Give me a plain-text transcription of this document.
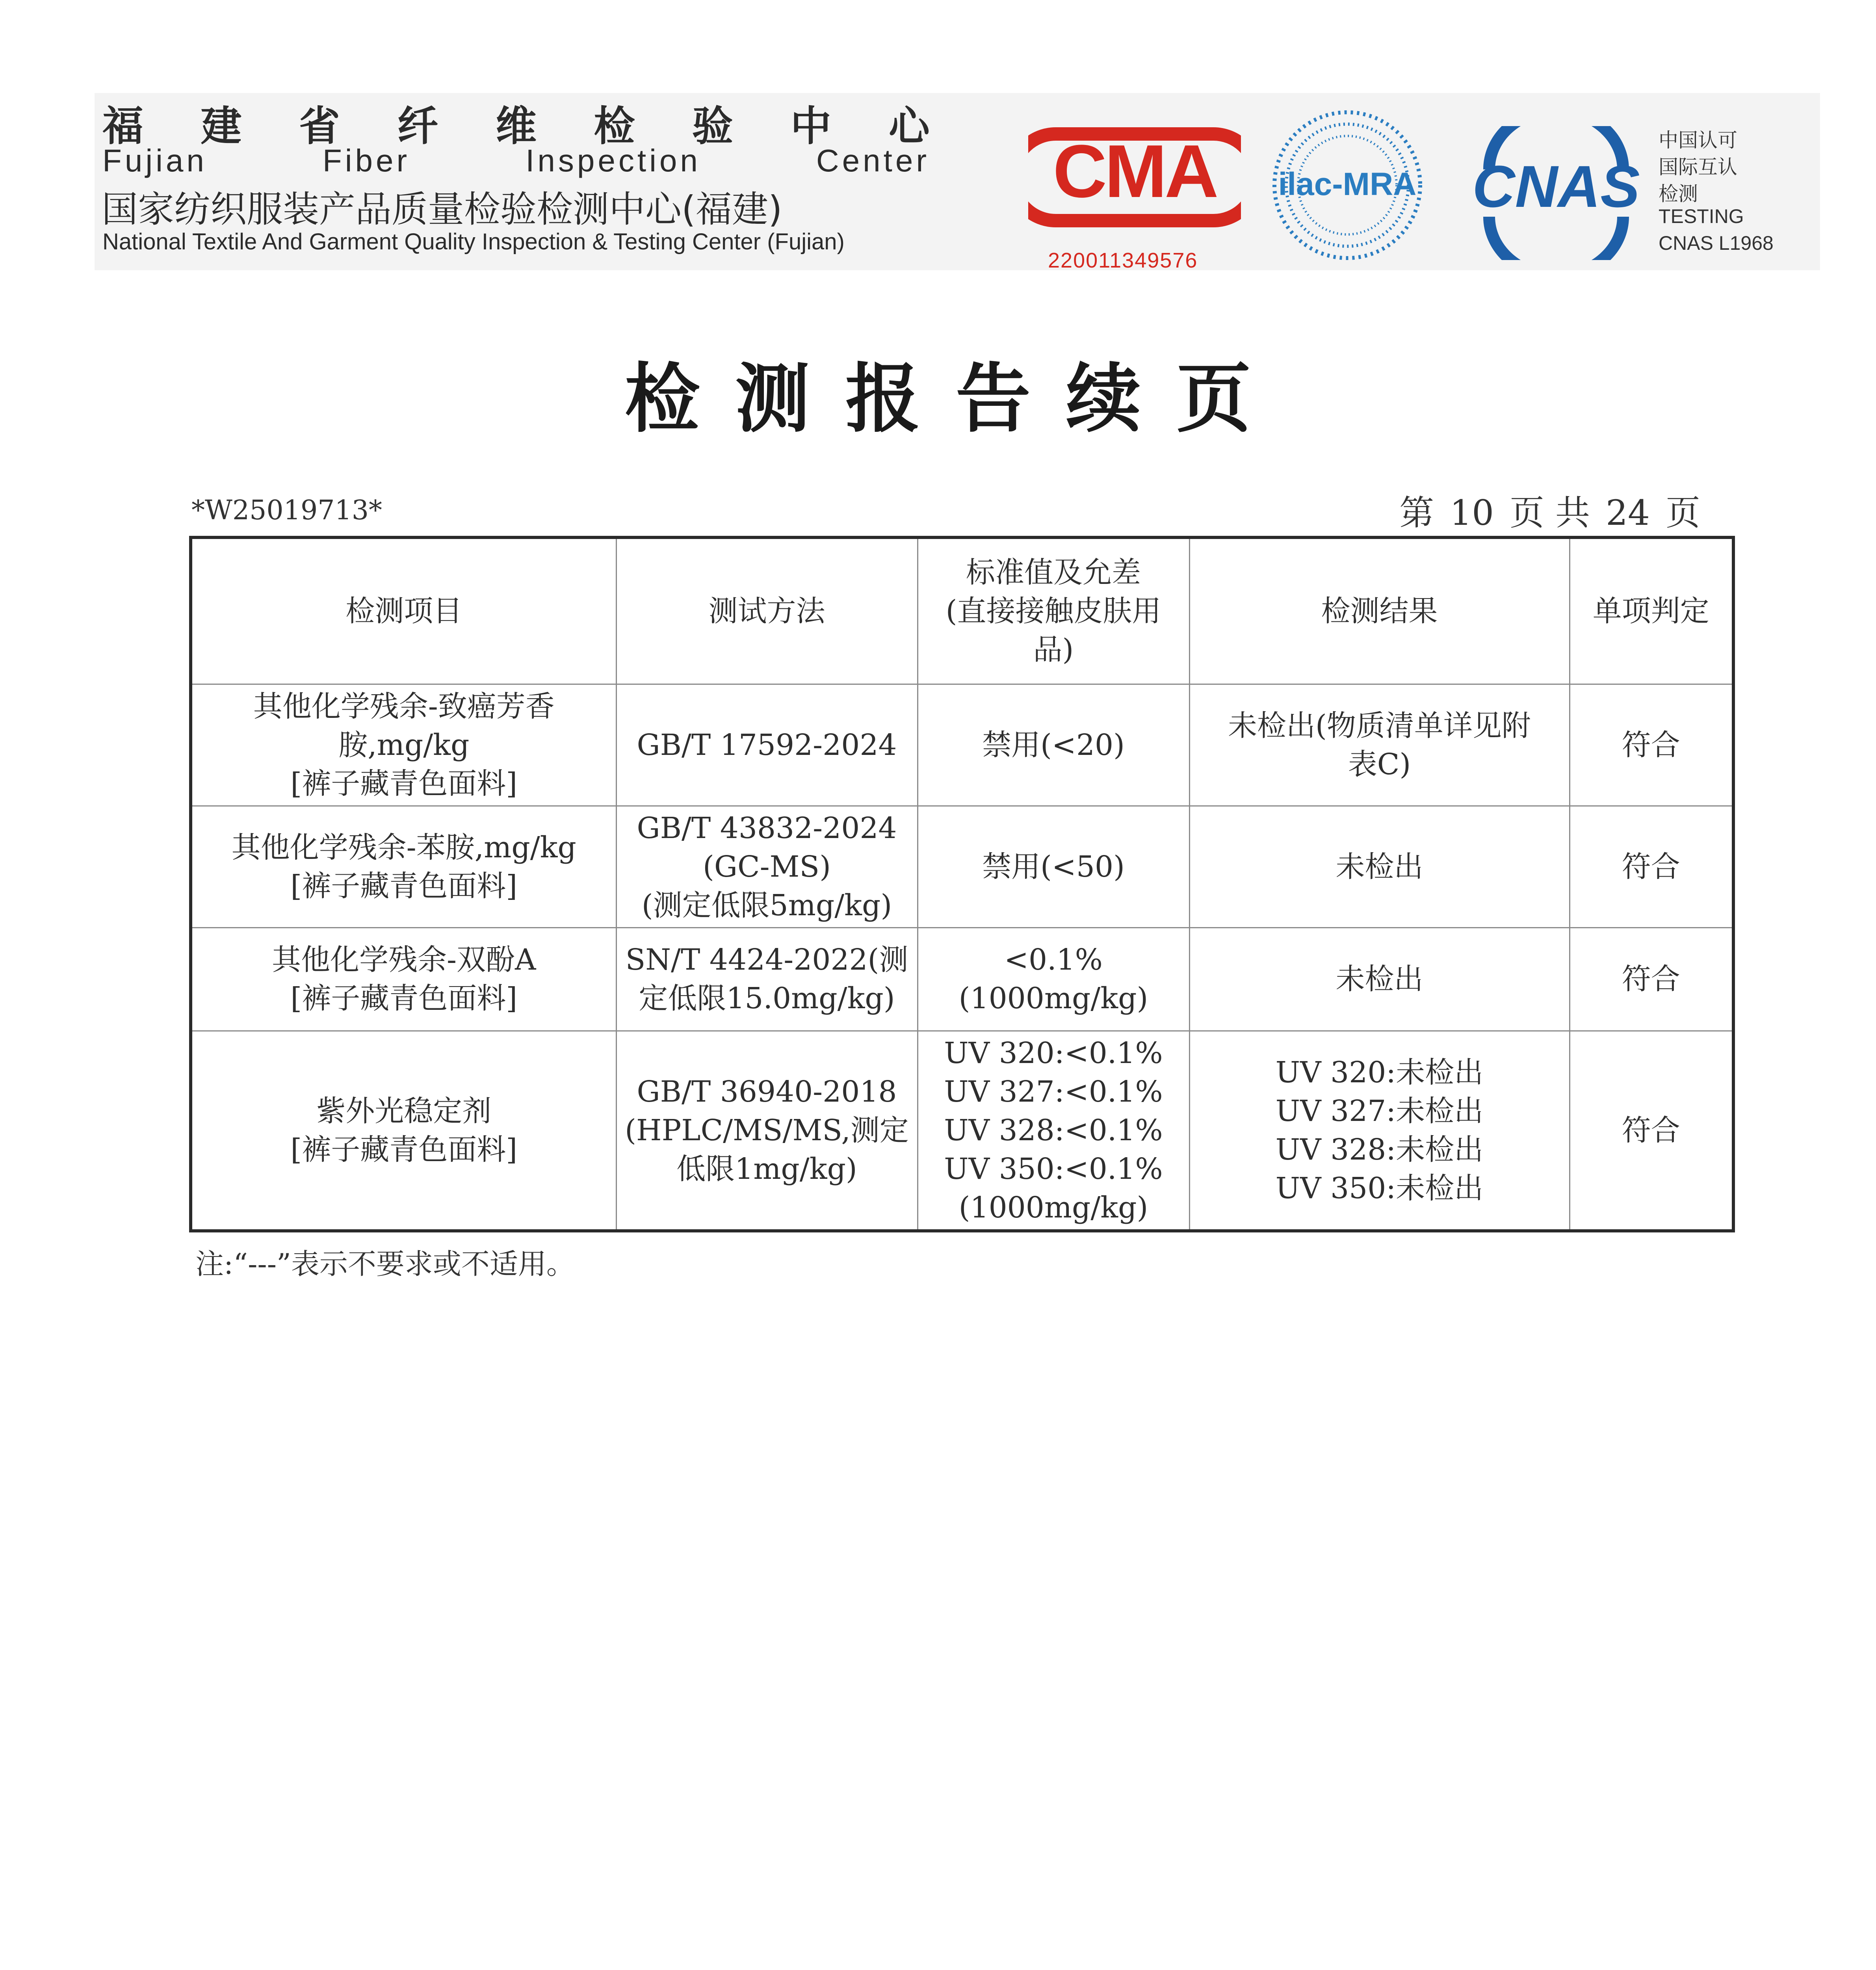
福 建 省 纤 维 检 验 中 心
Fujian	Fiber	Inspection	Center
国家纺织服装产品质量检验检测中心(福建)
National Textile And Garment Quality Inspection & Testing Center (Fujian)
CMA
220011349576
ilac-MRA CNAS
中国认可
国际互认
检测
TESTING
CNAS L1968
检测报告续页
*W25019713*	第 10 页 共 24 页
检测项目	测试方法	标准值及允差
(直接接触皮肤用
品)	检测结果	单项判定

其他化学残余-致癌芳香
胺,mg/kg
[裤子藏青色面料]	GB/T 17592-2024	禁用(<20)	未检出(物质清单详见附
表C)	符合

其他化学残余-苯胺,mg/kg
[裤子藏青色面料]	GB/T 43832-2024
(GC-MS)
(测定低限5mg/kg)	禁用(<50)	未检出	符合

其他化学残余-双酚A
[裤子藏青色面料]	SN/T 4424-2022(测
定低限15.0mg/kg)	<0.1%
(1000mg/kg)	未检出	符合

紫外光稳定剂
[裤子藏青色面料]	GB/T 36940-2018
(HPLC/MS/MS,测定
低限1mg/kg)	UV 320:<0.1%
UV 327:<0.1%
UV 328:<0.1%
UV 350:<0.1%
(1000mg/kg)	UV 320:未检出
UV 327:未检出
UV 328:未检出
UV 350:未检出	符合
注:“---”表示不要求或不适用。
